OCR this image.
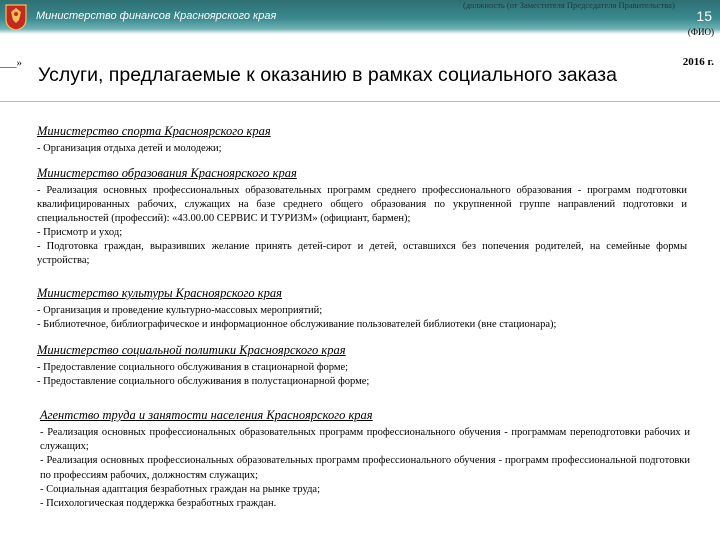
Министерство финансов Красноярского края
(должность (от Заместителя Председателя Правительства)
15
(ФИО)
___»	2016 г.
Услуги, предлагаемые к оказанию в рамках социального заказа
Министерство спорта Красноярского края
- Организация отдыха детей и молодежи;
Министерство образования Красноярского края
- Реализация основных профессиональных образовательных программ среднего профессионального образования - программ подготовки квалифицированных рабочих, служащих на базе среднего общего образования по укрупненной группе направлений подготовки и специальностей (профессий): «43.00.00 СЕРВИС И ТУРИЗМ» (официант, бармен);
- Присмотр и уход;
- Подготовка граждан, выразивших желание принять детей-сирот и детей, оставшихся без попечения родителей, на семейные формы устройства;
Министерство культуры Красноярского края
- Организация и проведение культурно-массовых мероприятий;
- Библиотечное, библиографическое и информационное обслуживание пользователей библиотеки (вне стационара);
Министерство социальной политики Красноярского края
- Предоставление социального обслуживания в стационарной форме;
- Предоставление социального обслуживания в полустационарной форме;
Агентство труда и занятости населения Красноярского края
- Реализация основных профессиональных образовательных программ профессионального обучения - программам переподготовки рабочих и служащих;
- Реализация основных профессиональных образовательных программ профессионального обучения - программ профессиональной подготовки по профессиям рабочих, должностям служащих;
- Социальная адаптация безработных граждан на рынке труда;
- Психологическая поддержка безработных граждан.
